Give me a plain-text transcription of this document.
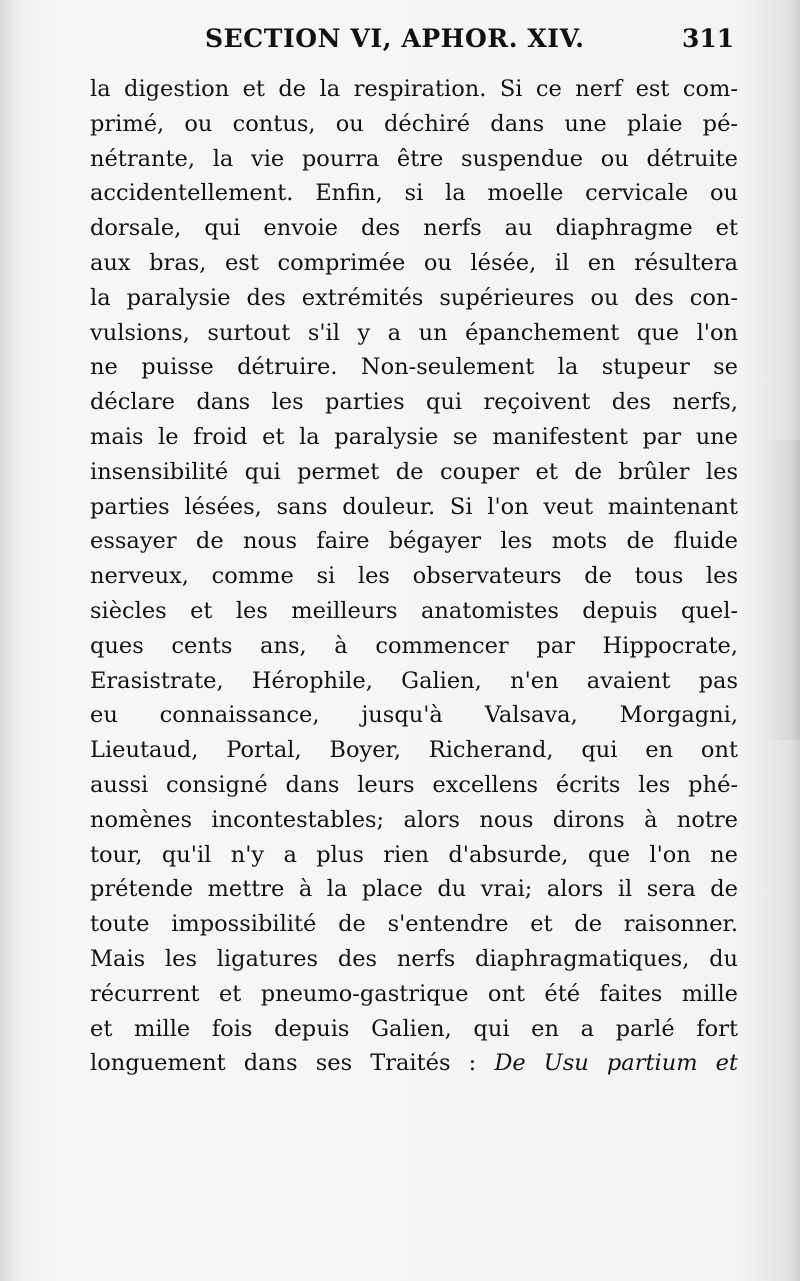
SECTION VI, APHOR. XIV.	311
la digestion et de la respiration. Si ce nerf est com-
primé, ou contus, ou déchiré dans une plaie pé-
nétrante, la vie pourra être suspendue ou détruite
accidentellement. Enfin, si la moelle cervicale ou
dorsale, qui envoie des nerfs au diaphragme et
aux bras, est comprimée ou lésée, il en résultera
la paralysie des extrémités supérieures ou des con-
vulsions, surtout s'il y a un épanchement que l'on
ne puisse détruire. Non-seulement la stupeur se
déclare dans les parties qui reçoivent des nerfs,
mais le froid et la paralysie se manifestent par une
insensibilité qui permet de couper et de brûler les
parties lésées, sans douleur. Si l'on veut maintenant
essayer de nous faire bégayer les mots de fluide
nerveux, comme si les observateurs de tous les
siècles et les meilleurs anatomistes depuis quel-
ques cents ans, à commencer par Hippocrate,
Erasistrate, Hérophile, Galien, n'en avaient pas
eu connaissance, jusqu'à Valsava, Morgagni,
Lieutaud, Portal, Boyer, Richerand, qui en ont
aussi consigné dans leurs excellens écrits les phé-
nomènes incontestables; alors nous dirons à notre
tour, qu'il n'y a plus rien d'absurde, que l'on ne
prétende mettre à la place du vrai; alors il sera de
toute impossibilité de s'entendre et de raisonner.
Mais les ligatures des nerfs diaphragmatiques, du
récurrent et pneumo-gastrique ont été faites mille
et mille fois depuis Galien, qui en a parlé fort
longuement dans ses Traités : De Usu partium et
